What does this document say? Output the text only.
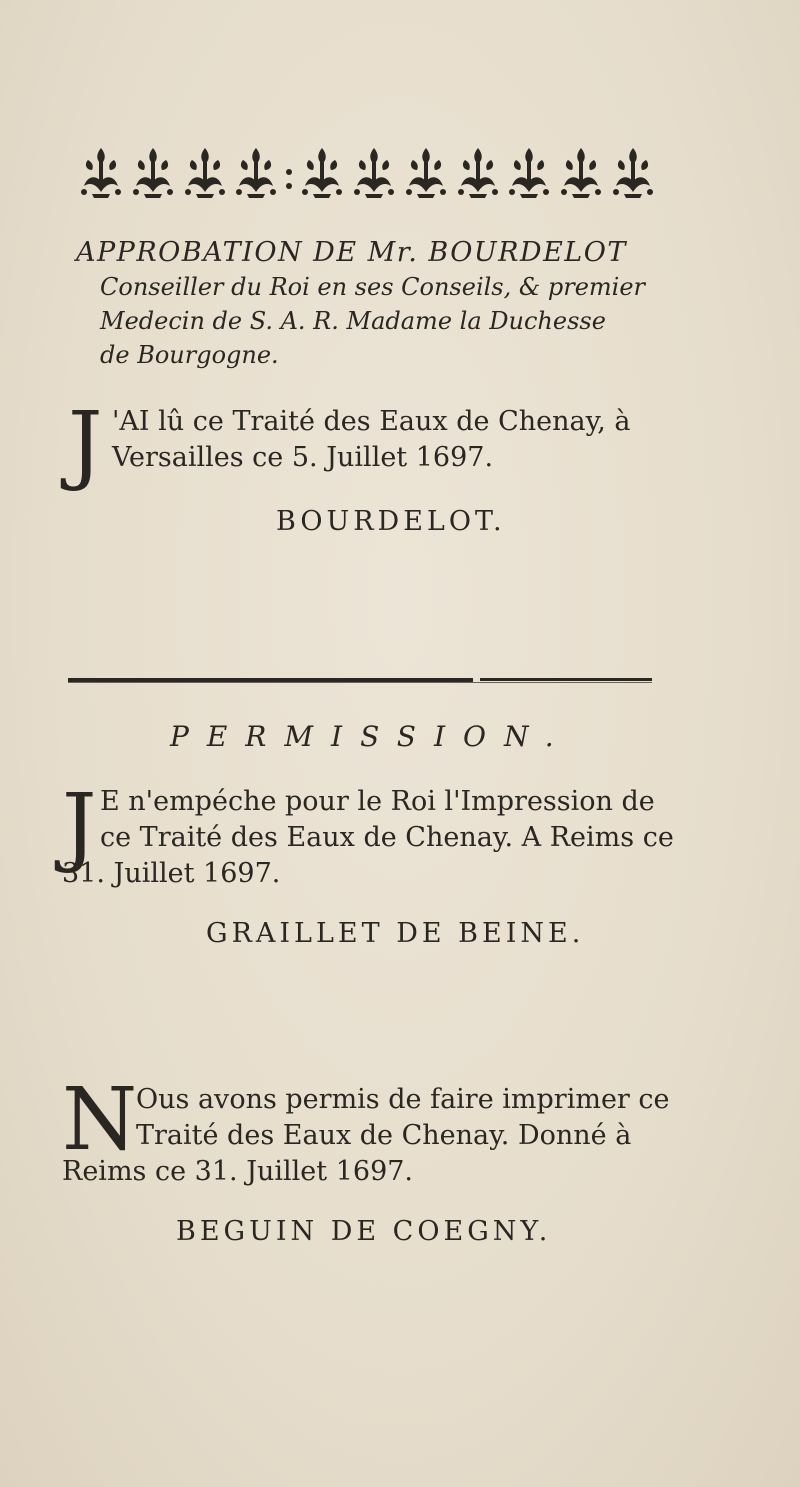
APPROBATION DE Mr. BOURDELOT
Conseiller du Roi en ses Conseils, & premier
Medecin de S. A. R. Madame la Duchesse
de Bourgogne.
J 'AI lû ce Traité des Eaux de Chenay, à
Versailles ce 5. Juillet 1697.
BOURDELOT.
PERMISSION.
J E n'empéche pour le Roi l'Impression de
ce Traité des Eaux de Chenay. A Reims ce
31. Juillet 1697.
GRAILLET DE BEINE.
N
Ous avons permis de faire imprimer ce
Traité des Eaux de Chenay. Donné à
Reims ce 31. Juillet 1697.
BEGUIN DE COEGNY.
